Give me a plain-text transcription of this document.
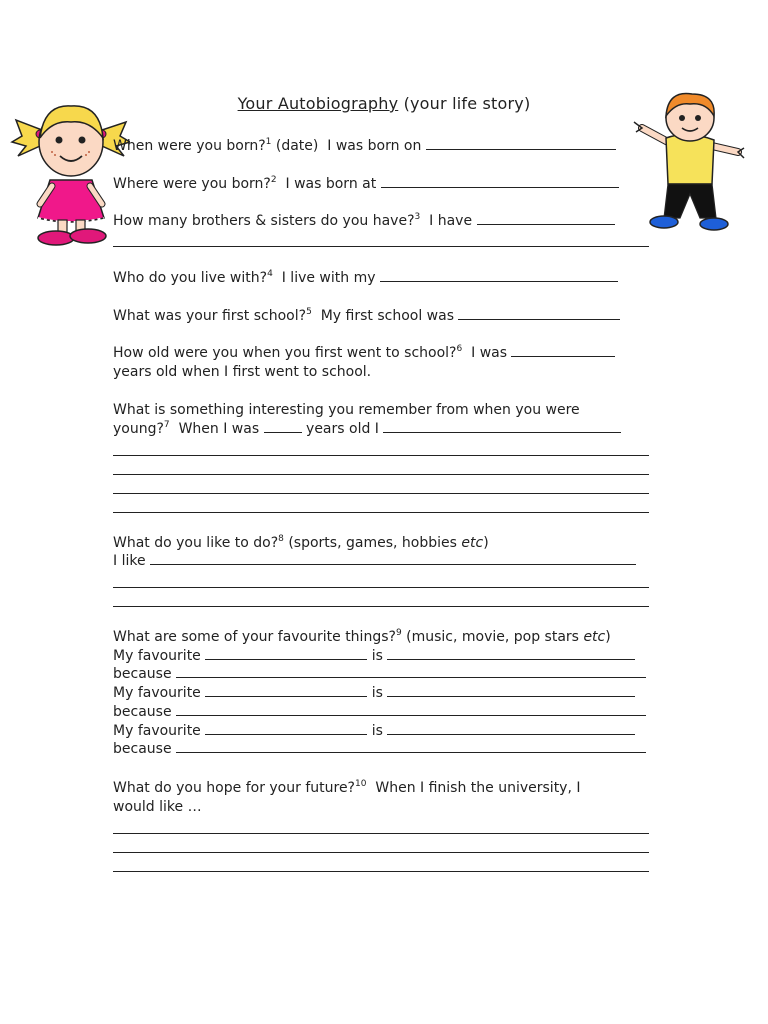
Your Autobiography (your life story)
When were you born?$^1$ (date) I was born on
Where were you born?$^2$ I was born at
How many brothers & sisters do you have?$^3$ I have
Who do you live with?$^4$ I live with my
What was your first school?$^5$ My first school was
How old were you when you first went to school?$^6$ I was
years old when I first went to school.
What is something interesting you remember from when you were
young?$^7$ When I was	years old I
What do you like to do?$^8$ (sports, games, hobbies etc)
I like
What are some of your favourite things?$^9$ (music, movie, pop stars etc)
My favourite	is
because
My favourite	is
because
My favourite	is
because
What do you hope for your future?$^{10}$ When I finish the university, I
would like …
